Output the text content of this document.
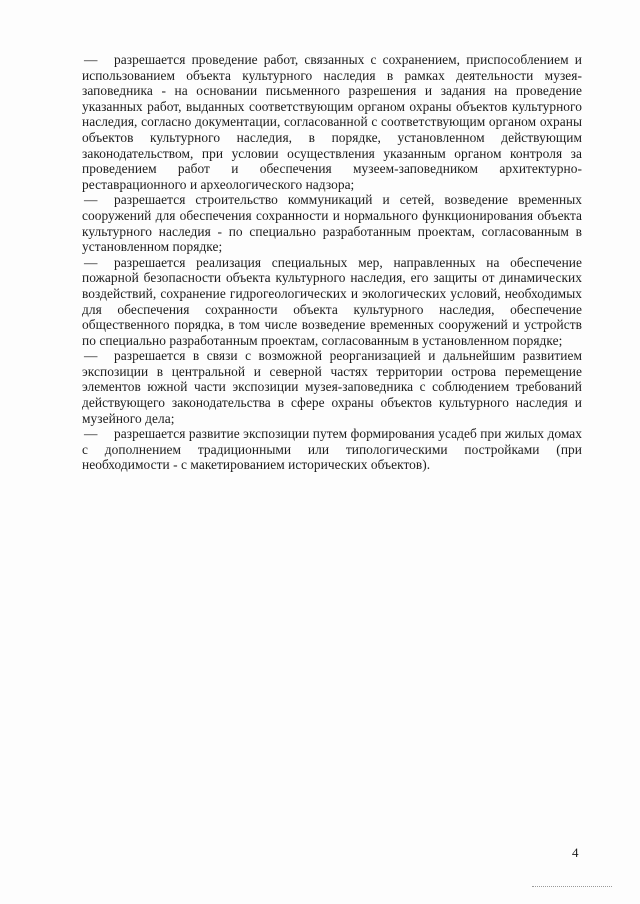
— разрешается проведение работ, связанных с сохранением, приспособлением и использованием объекта культурного наследия в рамках деятельности музея-заповедника - на основании письменного разрешения и задания на проведение указанных работ, выданных соответствующим органом охраны объектов культурного наследия, согласно документации, согласованной с соответствующим органом охраны объектов культурного наследия, в порядке, установленном действующим законодательством, при условии осуществления указанным органом контроля за проведением работ и обеспечения музеем-заповедником архитектурно-реставрационного и археологического надзора;

— разрешается строительство коммуникаций и сетей, возведение временных сооружений для обеспечения сохранности и нормального функционирования объекта культурного наследия - по специально разработанным проектам, согласованным в установленном порядке;

— разрешается реализация специальных мер, направленных на обеспечение пожарной безопасности объекта культурного наследия, его защиты от динамических воздействий, сохранение гидрогеологических и экологических условий, необходимых для обеспечения сохранности объекта культурного наследия, обеспечение общественного порядка, в том числе возведение временных сооружений и устройств по специально разработанным проектам, согласованным в установленном порядке;

— разрешается в связи с возможной реорганизацией и дальнейшим развитием экспозиции в центральной и северной частях территории острова перемещение элементов южной части экспозиции музея-заповедника с соблюдением требований действующего законодательства в сфере охраны объектов культурного наследия и музейного дела;

— разрешается развитие экспозиции путем формирования усадеб при жилых домах с дополнением традиционными или типологическими постройками (при необходимости - с макетированием исторических объектов).

4
